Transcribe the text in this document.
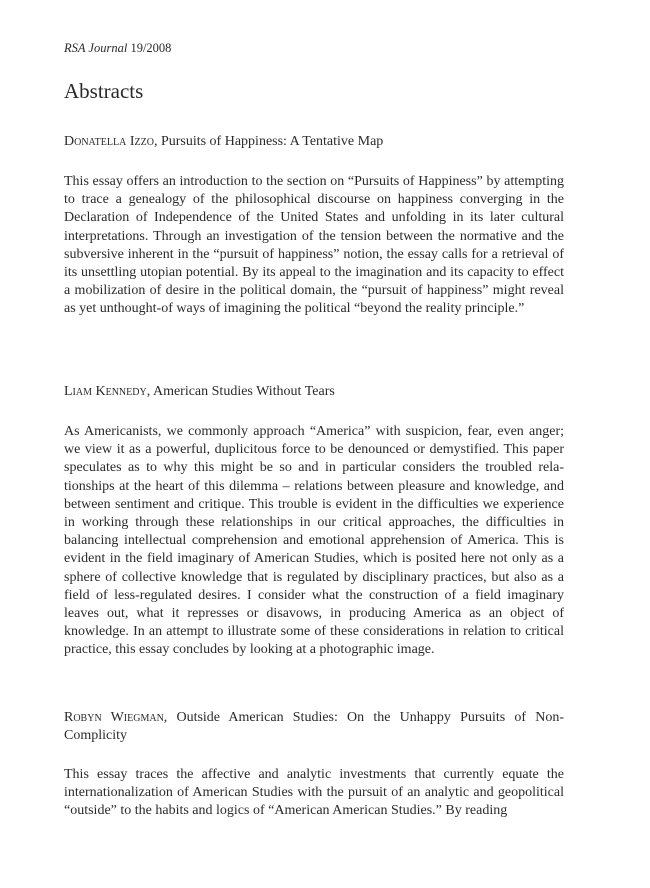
RSA Journal 19/2008
Abstracts
Donatella Izzo, Pursuits of Happiness: A Tentative Map

This essay offers an introduction to the section on “Pursuits of Happiness” by attempting to trace a genealogy of the philosophical discourse on happiness converging in the Declaration of Independence of the United States and unfolding in its later cultural interpretations. Through an investigation of the tension between the normative and the subversive inherent in the “pursuit of happiness” notion, the essay calls for a retrieval of its unsettling utopian potential. By its appeal to the imagination and its capacity to effect a mobilization of desire in the political domain, the “pursuit of happiness” might reveal as yet unthought-of ways of imagining the political “beyond the reality principle.”

Liam Kennedy, American Studies Without Tears

As Americanists, we commonly approach “America” with suspicion, fear, even anger; we view it as a powerful, duplicitous force to be denounced or demystified. This paper speculates as to why this might be so and in particular considers the troubled relationships at the heart of this dilemma – relations between pleasure and knowledge, and between sentiment and critique. This trouble is evident in the difficulties we experience in working through these relationships in our critical approaches, the difficulties in balancing intellectual comprehension and emotional apprehension of America. This is evident in the field imaginary of American Studies, which is posited here not only as a sphere of collective knowledge that is regulated by disciplinary practices, but also as a field of less-regulated desires. I consider what the construction of a field imaginary leaves out, what it represses or disavows, in producing America as an object of knowledge. In an attempt to illustrate some of these considerations in relation to critical practice, this essay concludes by looking at a photographic image.

Robyn Wiegman, Outside American Studies: On the Unhappy Pursuits of Non-Complicity

This essay traces the affective and analytic investments that currently equate the internationalization of American Studies with the pursuit of an analytic and geopolitical “outside” to the habits and logics of “American American Studies.” By reading
